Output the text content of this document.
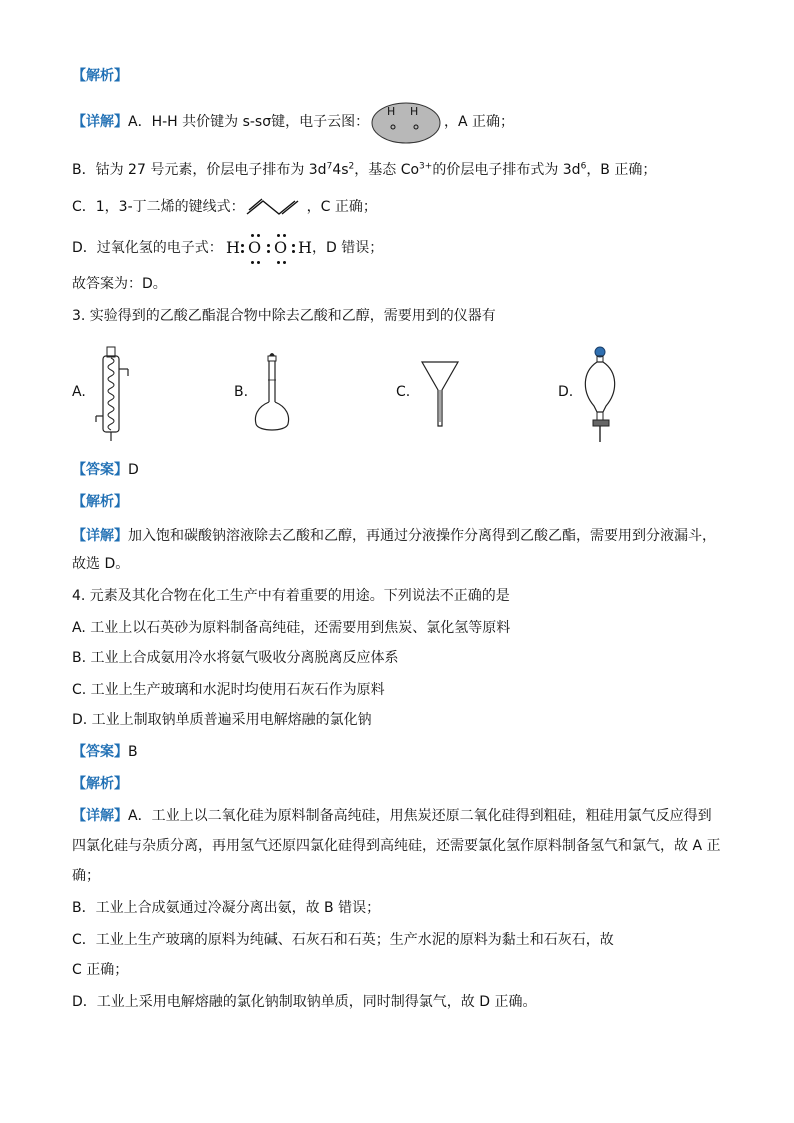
【解析】
【详解】A．H-H 共价键为 s-sσ键，电子云图：
H H
，A 正确；
B．钴为 27 号元素，价层电子排布为 $3d^74s^2$，基态 $Co^{3+}$的价层电子排布式为 $3d^6$，B 正确；
C．1，3-丁二烯的键线式：	，C 正确；
D．过氧化氢的电子式： H O O H ，D 错误；
故答案为：D。
3. 实验得到的乙酸乙酯混合物中除去乙酸和乙醇，需要用到的仪器有
A.	B.	C.	D.
【答案】D
【解析】
【详解】加入饱和碳酸钠溶液除去乙酸和乙醇，再通过分液操作分离得到乙酸乙酯，需要用到分液漏斗，
故选 D。
4. 元素及其化合物在化工生产中有着重要的用途。下列说法不正确的是
A. 工业上以石英砂为原料制备高纯硅，还需要用到焦炭、氯化氢等原料
B. 工业上合成氨用冷水将氨气吸收分离脱离反应体系
C. 工业上生产玻璃和水泥时均使用石灰石作为原料
D. 工业上制取钠单质普遍采用电解熔融的氯化钠
【答案】B
【解析】
【详解】A．工业上以二氧化硅为原料制备高纯硅，用焦炭还原二氧化硅得到粗硅，粗硅用氯气反应得到
四氯化硅与杂质分离，再用氢气还原四氯化硅得到高纯硅，还需要氯化氢作原料制备氢气和氯气，故 A 正
确；
B．工业上合成氨通过冷凝分离出氨，故 B 错误；
C．工业上生产玻璃的原料为纯碱、石灰石和石英；生产水泥的原料为黏土和石灰石，故
C 正确；
D．工业上采用电解熔融的氯化钠制取钠单质，同时制得氯气，故 D 正确。
